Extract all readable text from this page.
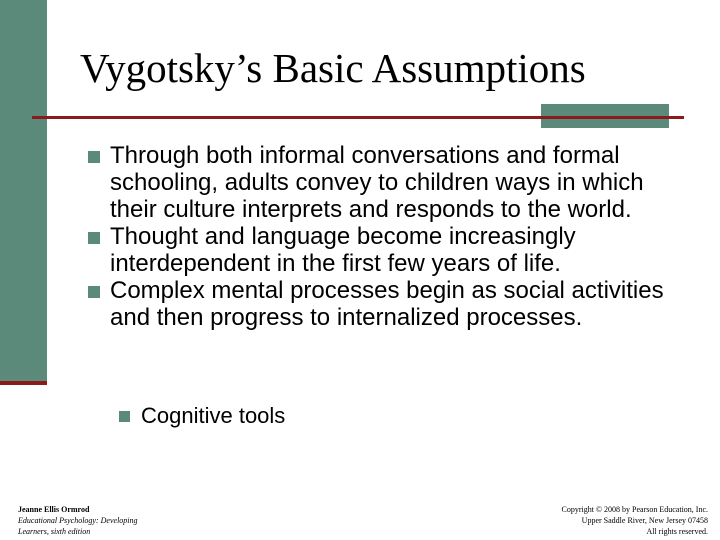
Vygotsky’s Basic Assumptions
Through both informal conversations and formal schooling, adults convey to children ways in which their culture interprets and responds to the world.
Thought and language become increasingly interdependent in the first few years of life.
Complex mental processes begin as social activities and then progress to internalized processes.
Cognitive tools
Jeanne Ellis Ormrod
Educational Psychology: Developing
Learners, sixth edition
Copyright © 2008 by Pearson Education, Inc.
Upper Saddle River, New Jersey 07458
All rights reserved.
